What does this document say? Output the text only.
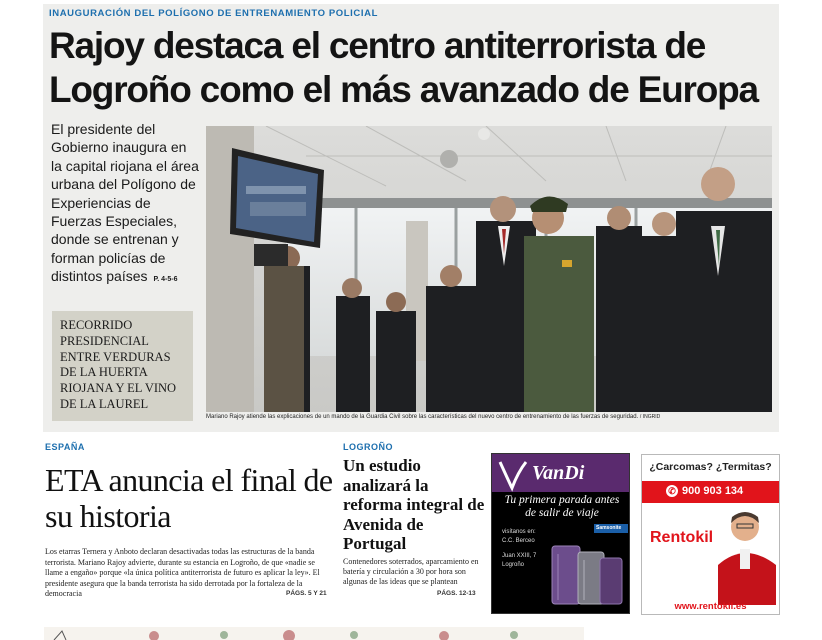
INAUGURACIÓN DEL POLÍGONO DE ENTRENAMIENTO POLICIAL
Rajoy destaca el centro antiterrorista de
Logroño como el más avanzado de Europa
El presidente del Gobierno inaugura en la capital riojana el área urbana del Polígono de Experiencias de Fuerzas Especiales, donde se entrenan y forman policías de distintos países P. 4-5-6

RECORRIDO PRESIDENCIAL ENTRE VERDURAS DE LA HUERTA RIOJANA Y EL VINO DE LA LAUREL

Mariano Rajoy atiende las explicaciones de un mando de la Guardia Civil sobre las características del nuevo centro de entrenamiento de las fuerzas de seguridad. / INGRID
ESPAÑA
ETA anuncia el final de su historia

Los etarras Ternera y Anboto declaran desactivadas todas las estructuras de la banda terrorista. Mariano Rajoy advierte, durante su estancia en Logroño, de que «nadie se llame a engaño» porque «la única política antiterrorista de futuro es aplicar la ley». El presidente asegura que la banda terrorista ha sido derrotada por la fortaleza de la democracia	PÁGS. 5 Y 21
LOGROÑO
Un estudio analizará la reforma integral de Avenida de Portugal

Contenedores soterrados, aparcamiento en batería y circulación a 30 por hora son algunas de las ideas que se plantean

PÁGS. 12-13
VanDi
Tu primera parada antes de salir de viaje
visítanos en:
C.C. Berceo
Juan XXIII, 7
Logroño
Samsonite
¿Carcomas? ¿Termitas?
✆ 900 903 134
Rentokil
www.rentokil.es
